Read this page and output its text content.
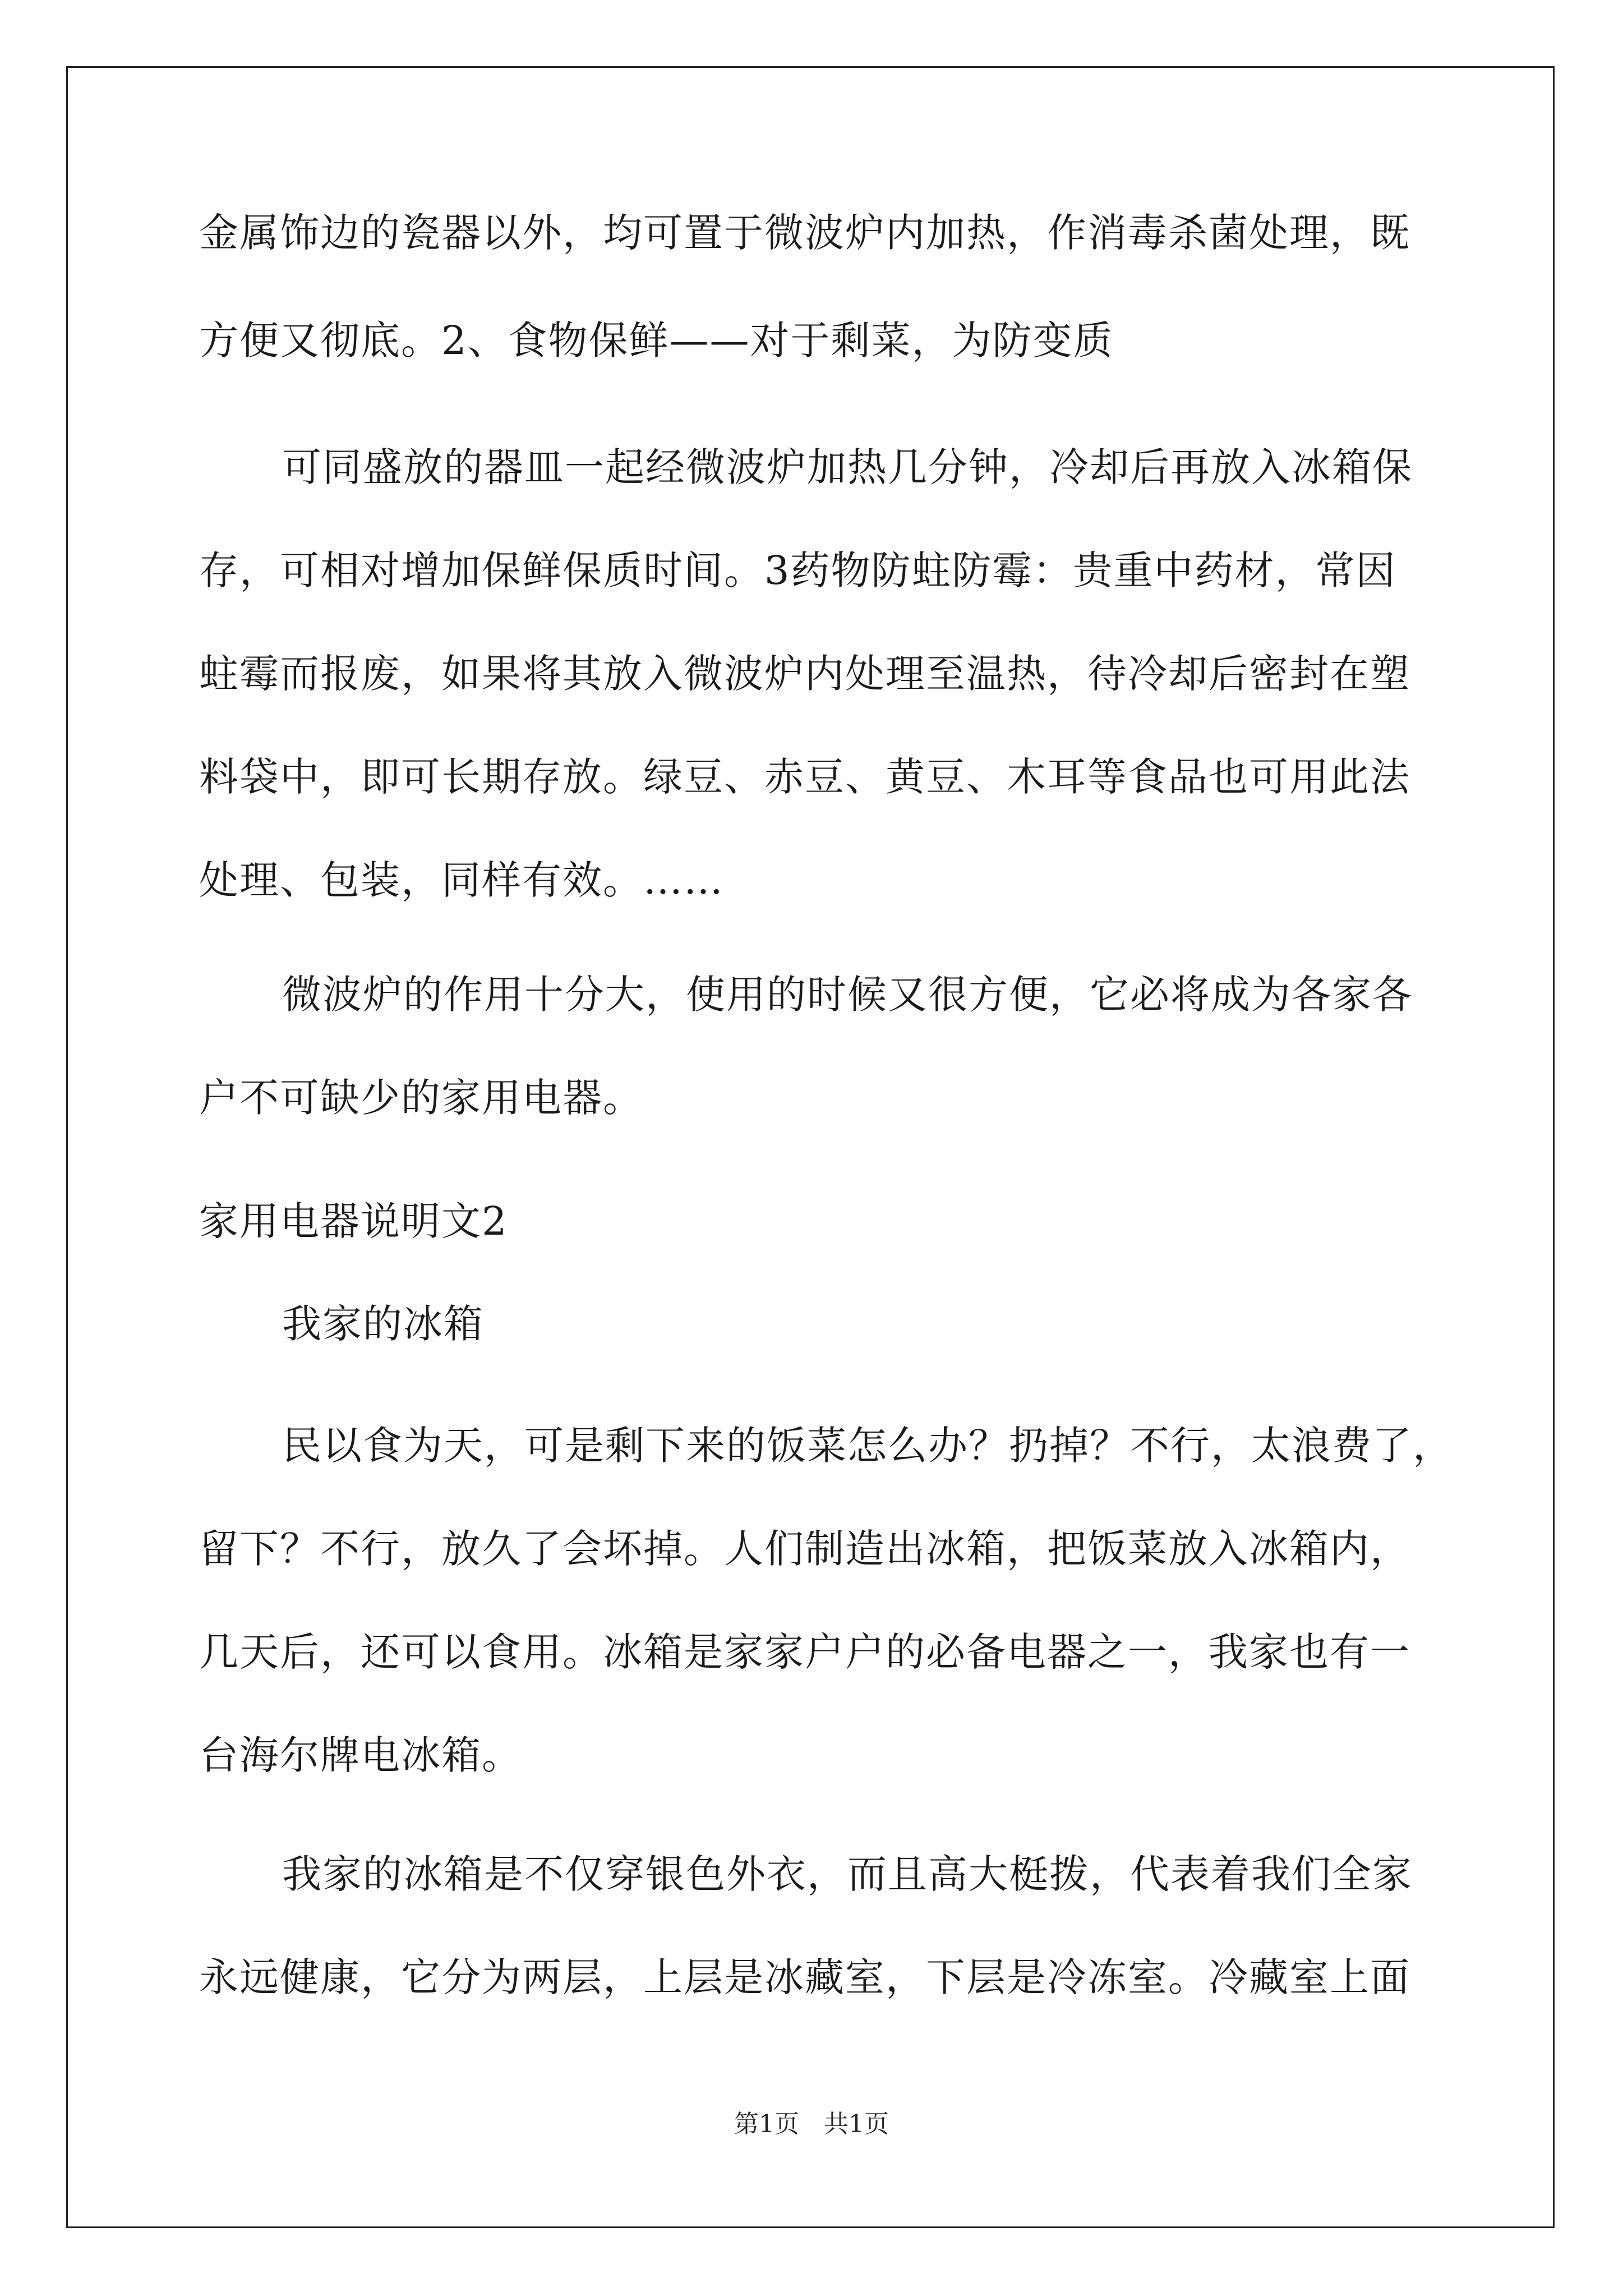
金属饰边的瓷器以外，均可置于微波炉内加热，作消毒杀菌处理，既
方便又彻底。2、食物保鲜——对于剩菜，为防变质
可同盛放的器皿一起经微波炉加热几分钟，冷却后再放入冰箱保
存，可相对增加保鲜保质时间。3药物防蛀防霉：贵重中药材，常因
蛀霉而报废，如果将其放入微波炉内处理至温热，待冷却后密封在塑
料袋中，即可长期存放。绿豆、赤豆、黄豆、木耳等食品也可用此法
处理、包装，同样有效。……
微波炉的作用十分大，使用的时候又很方便，它必将成为各家各
户不可缺少的家用电器。
家用电器说明文2
我家的冰箱
民以食为天，可是剩下来的饭菜怎么办？扔掉？不行，太浪费了，
留下？不行，放久了会坏掉。人们制造出冰箱，把饭菜放入冰箱内，
几天后，还可以食用。冰箱是家家户户的必备电器之一，我家也有一
台海尔牌电冰箱。
我家的冰箱是不仅穿银色外衣，而且高大梃拨，代表着我们全家
永远健康，它分为两层，上层是冰藏室，下层是冷冻室。冷藏室上面
第1页　共1页
